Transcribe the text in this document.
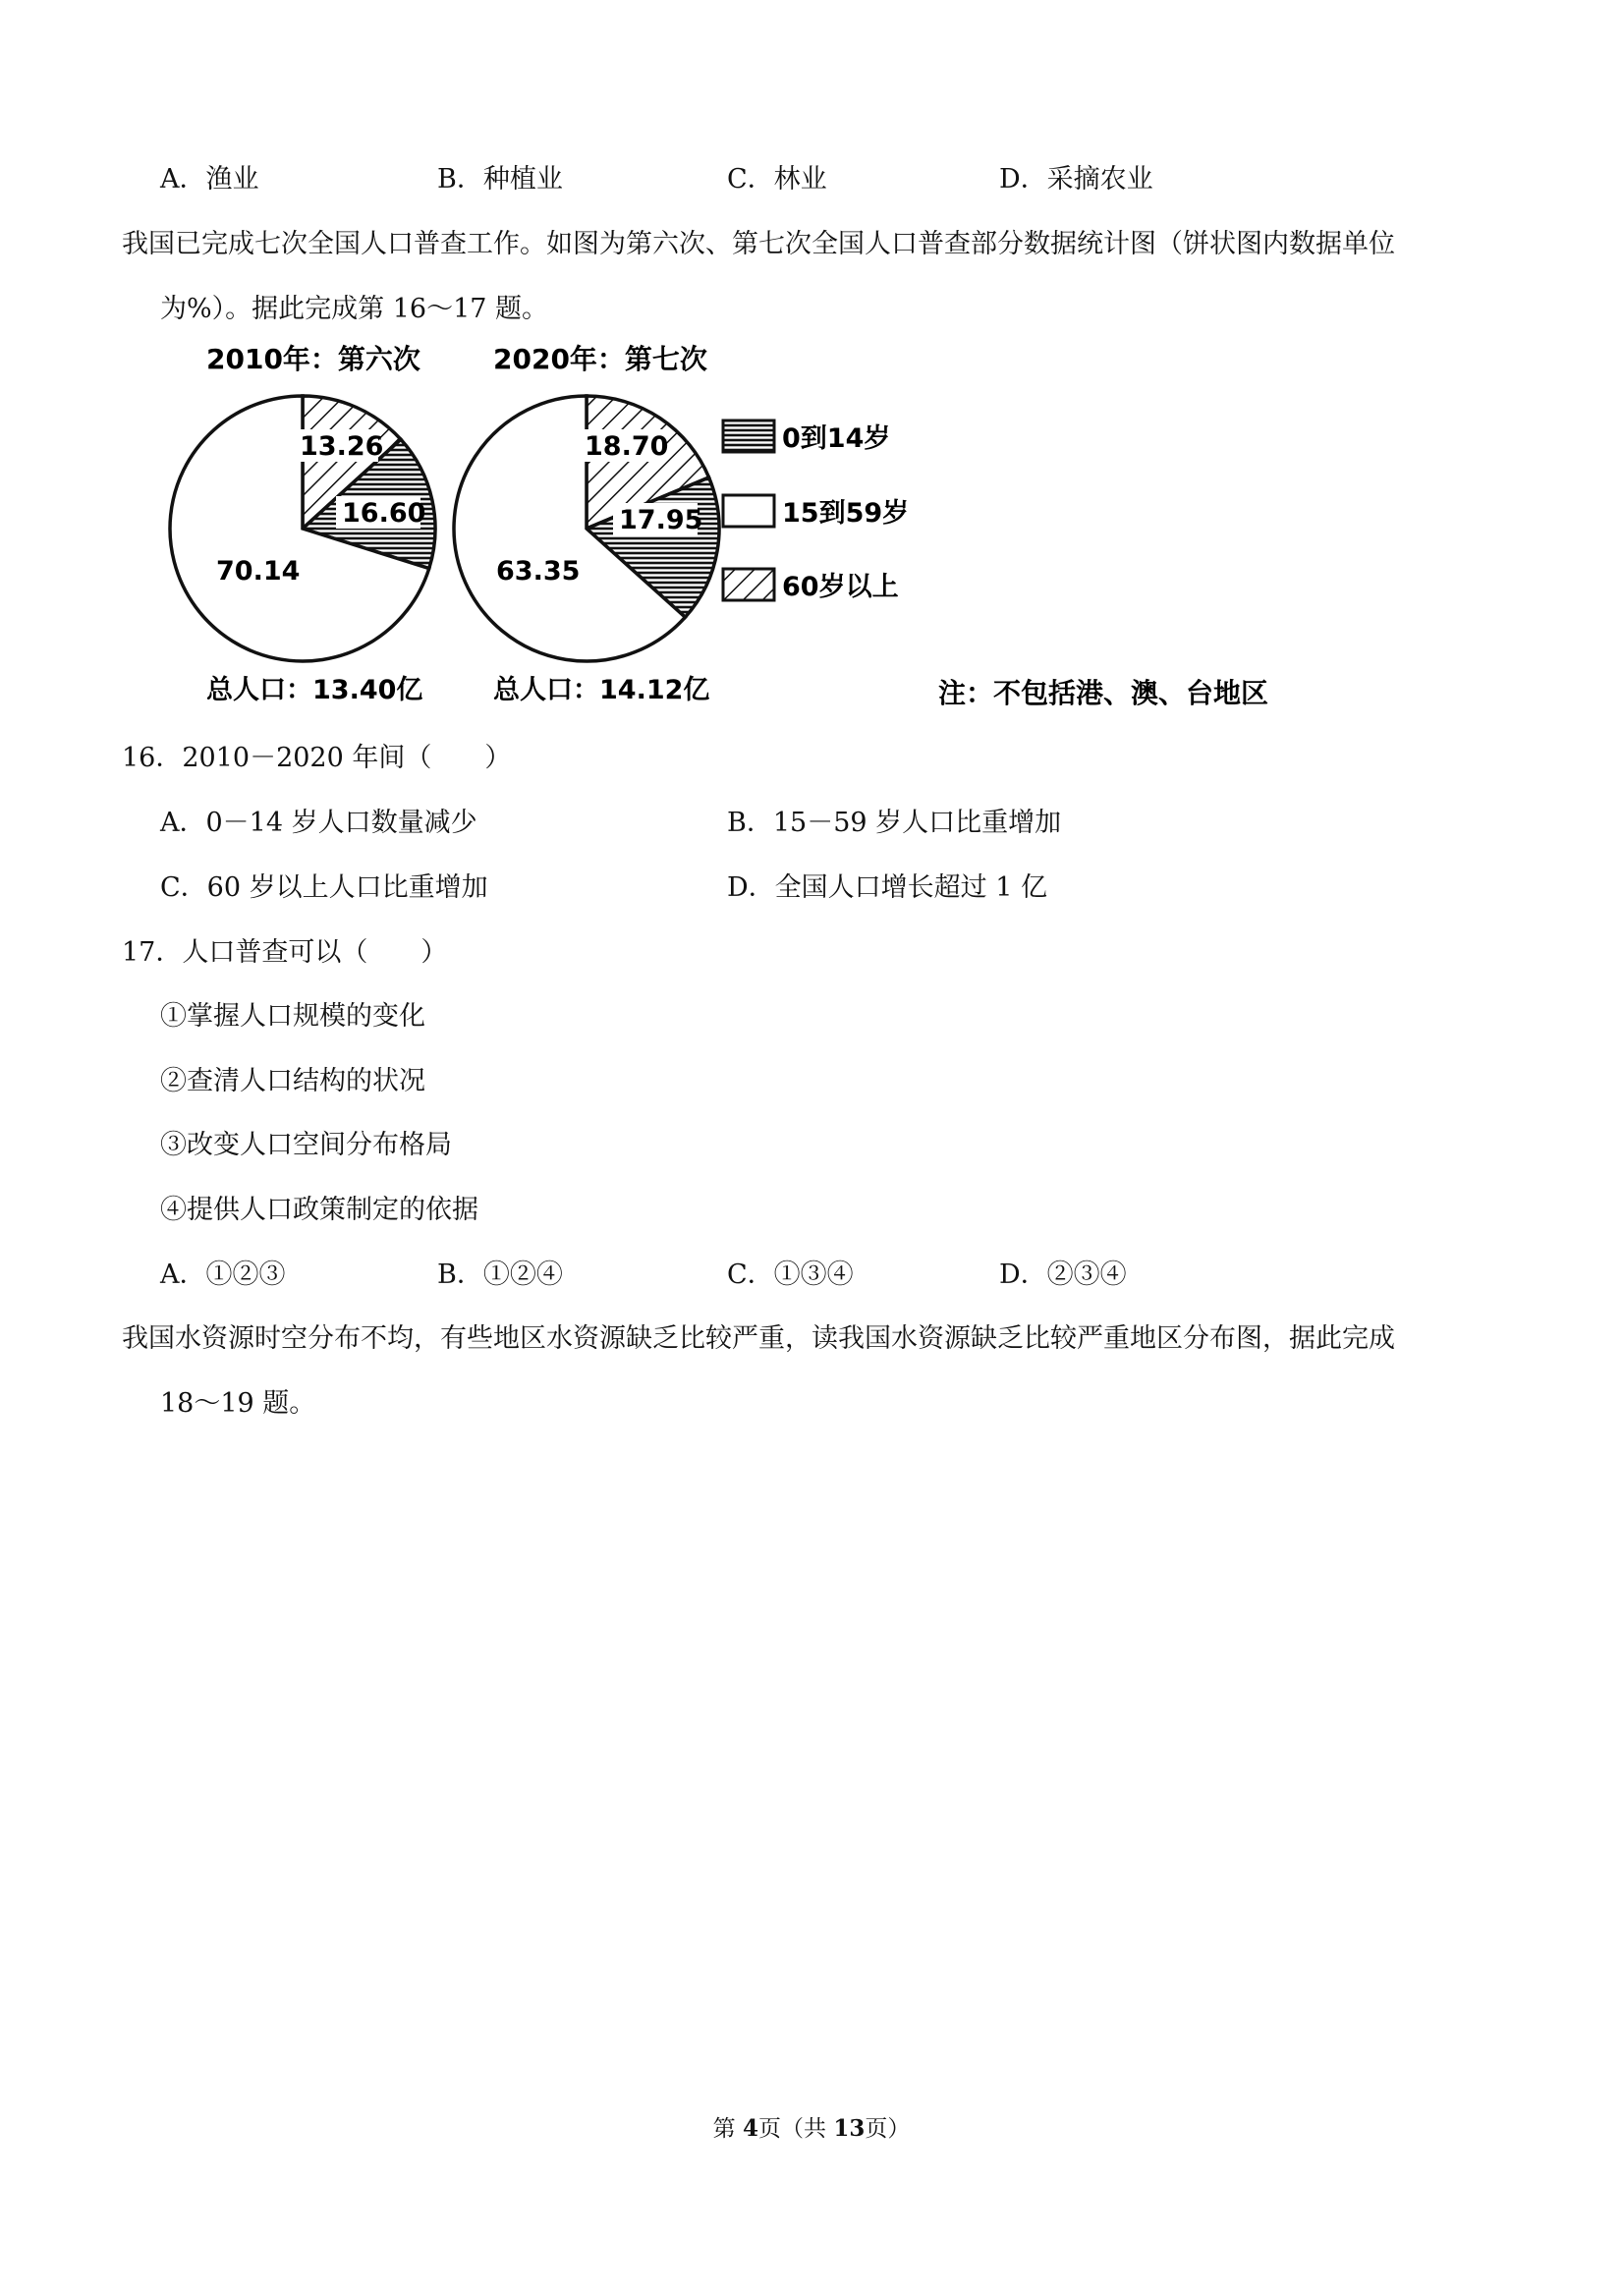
A．渔业	B．种植业	C．林业	D．采摘农业
我国已完成七次全国人口普查工作。如图为第六次、第七次全国人口普查部分数据统计图（饼状图内数据单位
为%）。据此完成第 16～17 题。
13.26
16.60
70.14
2010年：第六次
总人口：13.40亿
18.70
17.95
63.35
2020年：第七次
总人口：14.12亿
0到14岁
15到59岁
60岁以上
注：不包括港、澳、台地区
16．2010－2020 年间（　　）
A．0－14 岁人口数量减少	B．15－59 岁人口比重增加
C．60 岁以上人口比重增加	D．全国人口增长超过 1 亿
17．人口普查可以（　　）
①掌握人口规模的变化
②查清人口结构的状况
③改变人口空间分布格局
④提供人口政策制定的依据
A．①②③	B．①②④	C．①③④	D．②③④
我国水资源时空分布不均，有些地区水资源缺乏比较严重，读我国水资源缺乏比较严重地区分布图，据此完成
18～19 题。
第 4页（共 13页）
